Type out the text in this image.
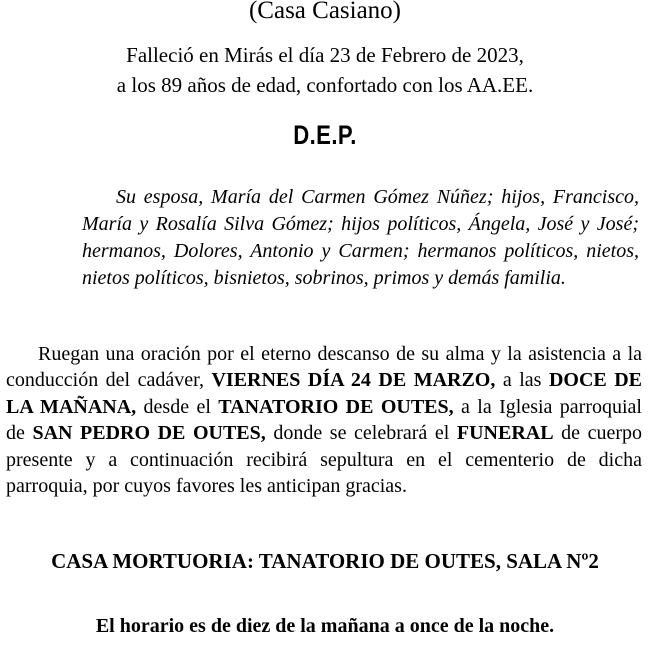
(Casa Casiano)
Falleció en Mirás el día 23 de Febrero de 2023,
a los 89 años de edad, confortado con los AA.EE.
D.E.P.
Su esposa, María del Carmen Gómez Núñez; hijos, Francisco, María y Rosalía Silva Gómez; hijos políticos, Ángela, José y José; hermanos, Dolores, Antonio y Carmen; hermanos políticos, nietos, nietos políticos, bisnietos, sobrinos, primos y demás familia.
Ruegan una oración por el eterno descanso de su alma y la asistencia a la conducción del cadáver, VIERNES DÍA 24 DE MARZO, a las DOCE DE LA MAÑANA, desde el TANATORIO DE OUTES, a la Iglesia parroquial de SAN PEDRO DE OUTES, donde se celebrará el FUNERAL de cuerpo presente y a continuación recibirá sepultura en el cementerio de dicha parroquia, por cuyos favores les anticipan gracias.
CASA MORTUORIA: TANATORIO DE OUTES, SALA Nº2
El horario es de diez de la mañana a once de la noche.
